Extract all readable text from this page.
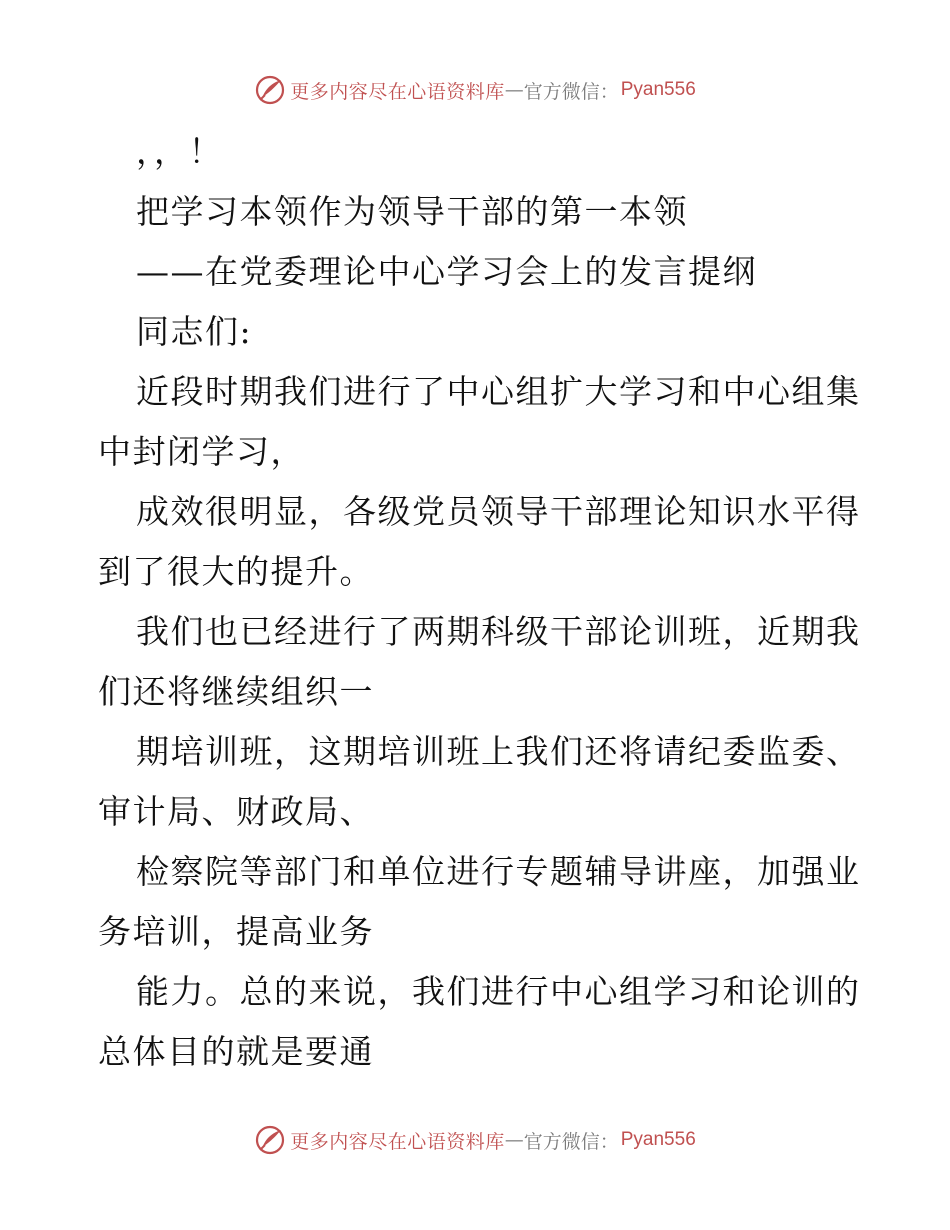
更多内容尽在心语资料库 — 官方微信： Pyan556
，，！
把学习本领作为领导干部的第一本领
——在党委理论中心学习会上的发言提纲
同志们:
近段时期我们进行了中心组扩大学习和中心组集
中封闭学习，
成效很明显，各级党员领导干部理论知识水平得
到了很大的提升。
我们也已经进行了两期科级干部论训班，近期我
们还将继续组织一
期培训班，这期培训班上我们还将请纪委监委、
审计局、财政局、
检察院等部门和单位进行专题辅导讲座，加强业
务培训，提高业务
能力。总的来说，我们进行中心组学习和论训的
总体目的就是要通
更多内容尽在心语资料库 — 官方微信： Pyan556
